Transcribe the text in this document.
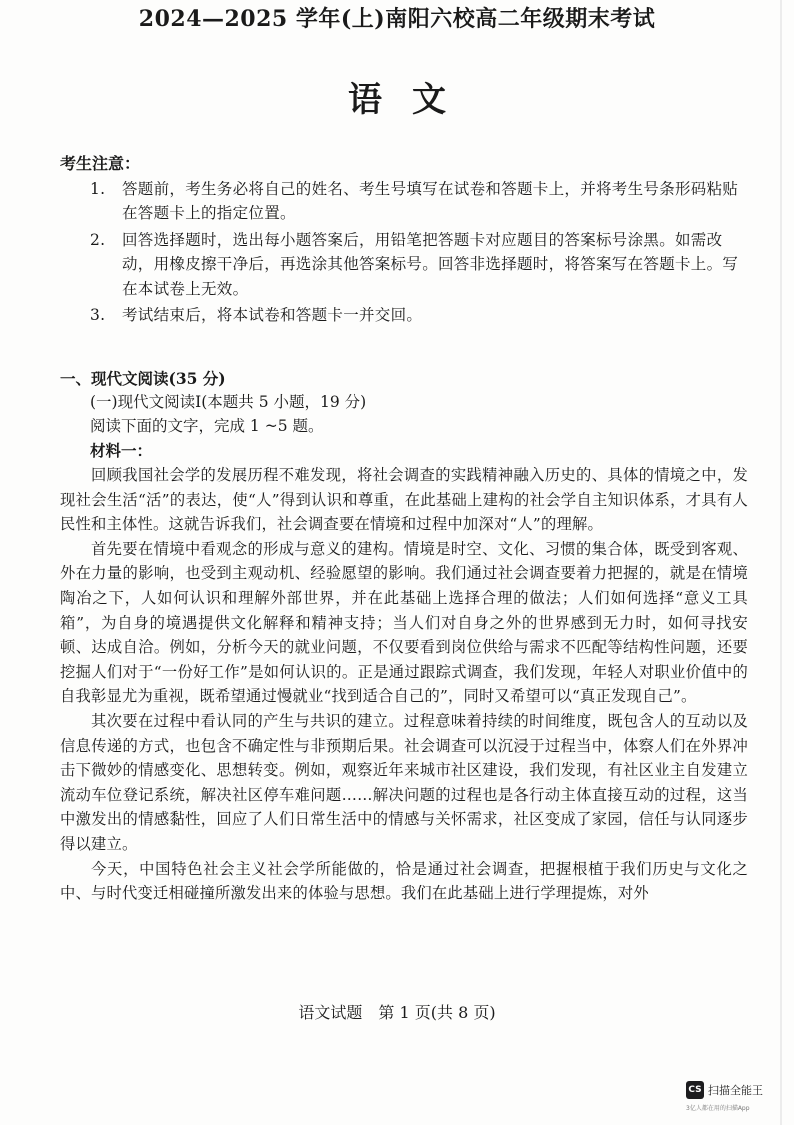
2024—2025 学年(上)南阳六校高二年级期末考试
语文
考生注意：
1. 答题前，考生务必将自己的姓名、考生号填写在试卷和答题卡上，并将考生号条形码粘贴在答题卡上的指定位置。
2. 回答选择题时，选出每小题答案后，用铅笔把答题卡对应题目的答案标号涂黑。如需改动，用橡皮擦干净后，再选涂其他答案标号。回答非选择题时，将答案写在答题卡上。写在本试卷上无效。
3. 考试结束后，将本试卷和答题卡一并交回。
一、现代文阅读(35 分)
(一)现代文阅读Ⅰ(本题共 5 小题，19 分)
阅读下面的文字，完成 1 ~5 题。
材料一：

回顾我国社会学的发展历程不难发现，将社会调查的实践精神融入历史的、具体的情境之中，发现社会生活“活”的表达，使“人”得到认识和尊重，在此基础上建构的社会学自主知识体系，才具有人民性和主体性。这就告诉我们，社会调查要在情境和过程中加深对“人”的理解。

首先要在情境中看观念的形成与意义的建构。情境是时空、文化、习惯的集合体，既受到客观、外在力量的影响，也受到主观动机、经验愿望的影响。我们通过社会调查要着力把握的，就是在情境陶冶之下，人如何认识和理解外部世界，并在此基础上选择合理的做法；人们如何选择“意义工具箱”，为自身的境遇提供文化解释和精神支持；当人们对自身之外的世界感到无力时，如何寻找安顿、达成自洽。例如，分析今天的就业问题，不仅要看到岗位供给与需求不匹配等结构性问题，还要挖掘人们对于“一份好工作”是如何认识的。正是通过跟踪式调查，我们发现，年轻人对职业价值中的自我彰显尤为重视，既希望通过慢就业“找到适合自己的”，同时又希望可以“真正发现自己”。

其次要在过程中看认同的产生与共识的建立。过程意味着持续的时间维度，既包含人的互动以及信息传递的方式，也包含不确定性与非预期后果。社会调查可以沉浸于过程当中，体察人们在外界冲击下微妙的情感变化、思想转变。例如，观察近年来城市社区建设，我们发现，有社区业主自发建立流动车位登记系统，解决社区停车难问题……解决问题的过程也是各行动主体直接互动的过程，这当中激发出的情感黏性，回应了人们日常生活中的情感与关怀需求，社区变成了家园，信任与认同逐步得以建立。

今天，中国特色社会主义社会学所能做的，恰是通过社会调查，把握根植于我们历史与文化之中、与时代变迁相碰撞所激发出来的体验与思想。我们在此基础上进行学理提炼，对外

语文试题　第 1 页(共 8 页)
CS 扫描全能王
3亿人都在用的扫描App
